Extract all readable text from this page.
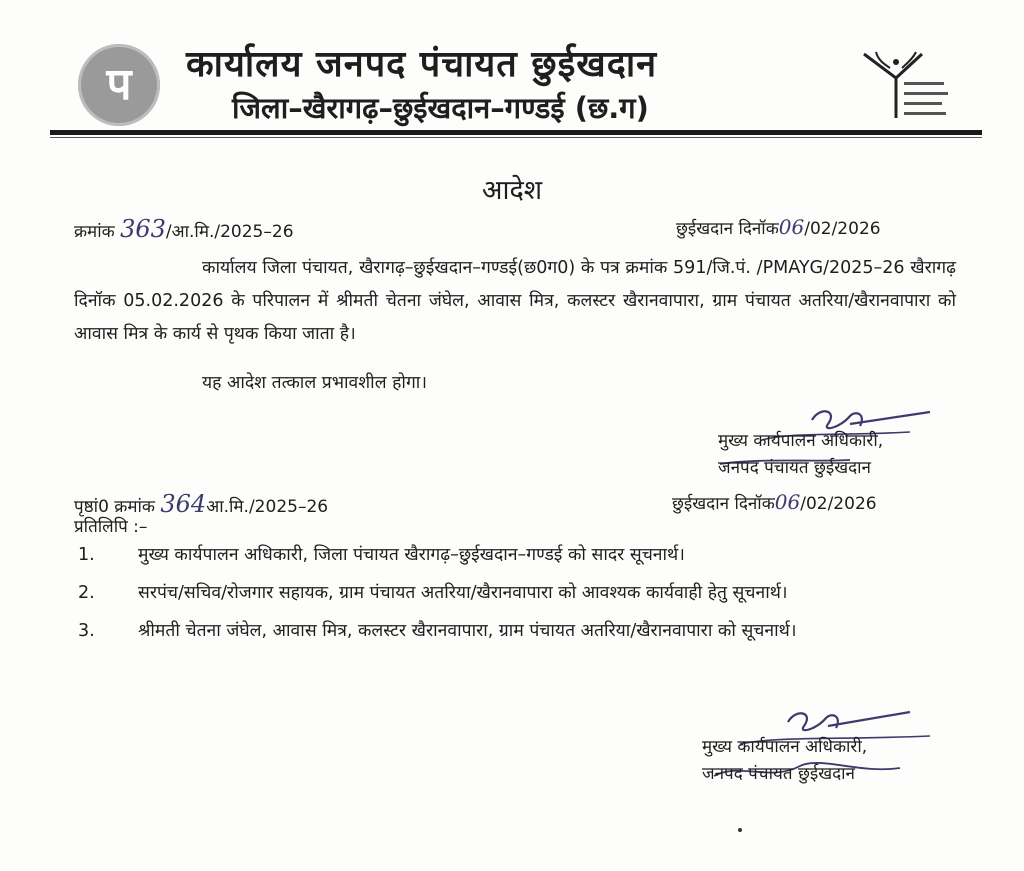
प कार्यालय जनपद पंचायत छुईखदान
जिला–खैरागढ़–छुईखदान–गण्डई (छ.ग)
आदेश
क्रमांक 363/आ.मि./2025–26	छुईखदान दिनॉक06/02/2026
कार्यालय जिला पंचायत, खैरागढ़–छुईखदान–गण्डई(छ0ग0) के पत्र क्रमांक 591/जि.पं. /PMAYG/2025–26 खैरागढ़ दिनॉक 05.02.2026 के परिपालन में श्रीमती चेतना जंघेल, आवास मित्र, कलस्टर खैरानवापारा, ग्राम पंचायत अतरिया/खैरानवापारा को आवास मित्र के कार्य से पृथक किया जाता है।
यह आदेश तत्काल प्रभावशील होगा।
मुख्य कार्यपालन अधिकारी,
जनपद पंचायत छुईखदान
पृष्ठां0 क्रमांक 364आ.मि./2025–26	छुईखदान दिनॉक06/02/2026
प्रतिलिपि :–
1. मुख्य कार्यपालन अधिकारी, जिला पंचायत खैरागढ़–छुईखदान–गण्डई को सादर सूचनार्थ।
2. सरपंच/सचिव/रोजगार सहायक, ग्राम पंचायत अतरिया/खैरानवापारा को आवश्यक कार्यवाही हेतु सूचनार्थ।
3. श्रीमती चेतना जंघेल, आवास मित्र, कलस्टर खैरानवापारा, ग्राम पंचायत अतरिया/खैरानवापारा को सूचनार्थ।
मुख्य कार्यपालन अधिकारी,
जनपद पंचायत छुईखदान
